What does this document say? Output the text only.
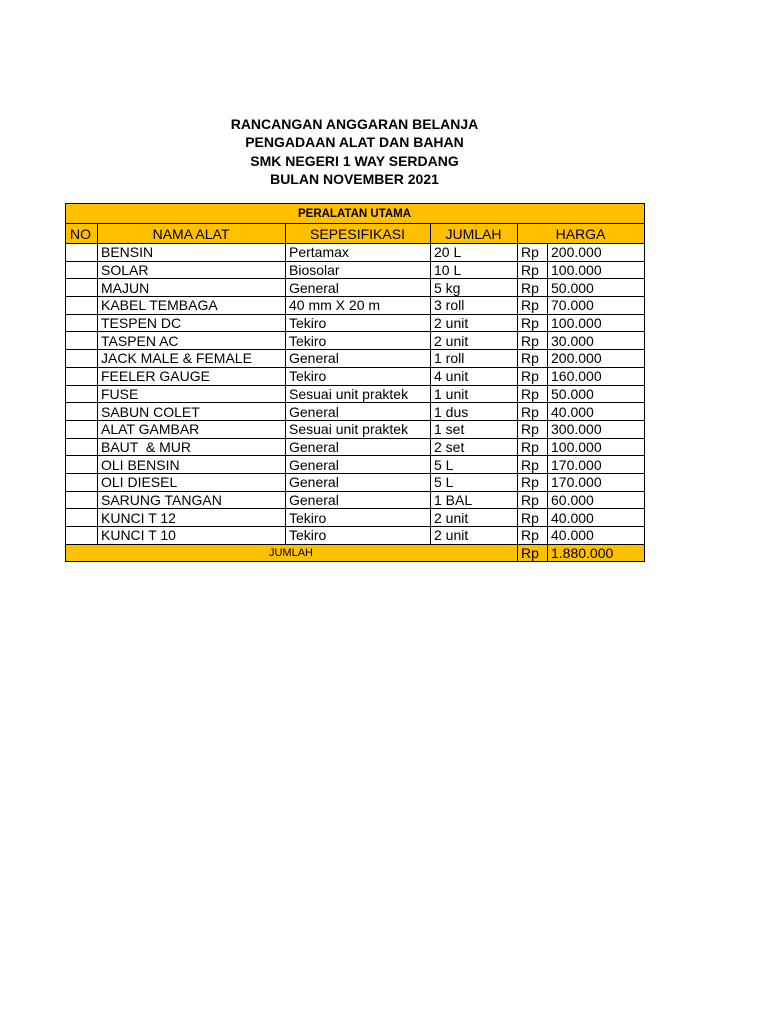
RANCANGAN ANGGARAN BELANJA
PENGADAAN ALAT DAN BAHAN
SMK NEGERI 1 WAY SERDANG
BULAN NOVEMBER 2021
PERALATAN UTAMA					
NO	NAMA ALAT	SEPESIFIKASI	JUMLAH	HARGA	
	BENSIN	Pertamax	20 L	Rp	200.000
	SOLAR	Biosolar	10 L	Rp	100.000
	MAJUN	General	5 kg	Rp	50.000
	KABEL TEMBAGA	40 mm X 20 m	3 roll	Rp	70.000
	TESPEN DC	Tekiro	2 unit	Rp	100.000
	TASPEN AC	Tekiro	2 unit	Rp	30.000
	JACK MALE & FEMALE	General	1 roll	Rp	200.000
	FEELER GAUGE	Tekiro	4 unit	Rp	160.000
	FUSE	Sesuai unit praktek	1 unit	Rp	50.000
	SABUN COLET	General	1 dus	Rp	40.000
	ALAT GAMBAR	Sesuai unit praktek	1 set	Rp	300.000
	BAUT  & MUR	General	2 set	Rp	100.000
	OLI BENSIN	General	5 L	Rp	170.000
	OLI DIESEL	General	5 L	Rp	170.000
	SARUNG TANGAN	General	1 BAL	Rp	60.000
	KUNCI T 12	Tekiro	2 unit	Rp	40.000
	KUNCI T 10	Tekiro	2 unit	Rp	40.000
JUMLAH				Rp	1.880.000
